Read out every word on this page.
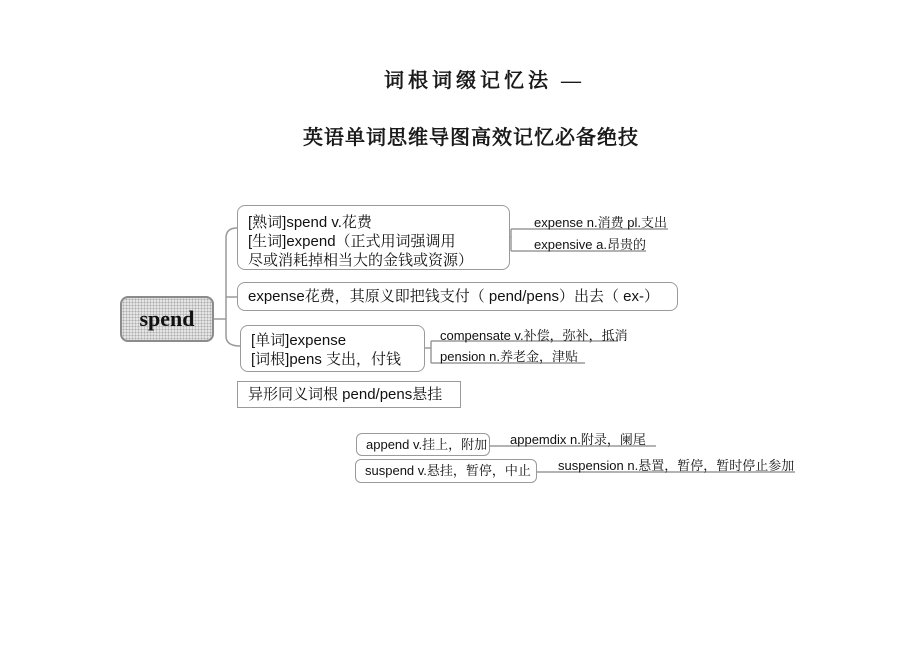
词根词缀记忆法 —
英语单词思维导图高效记忆必备绝技
spend
[熟词]spend v.花费
[生词]expend（正式用词强调用
尽或消耗掉相当大的金钱或资源）
expense n.消费 pl.支出
expensive a.昂贵的
expense花费，其原义即把钱支付（ pend/pens）出去（ ex-）
[单词]expense
[词根]pens 支出，付钱
compensate v.补偿，弥补，抵消
pension n.养老金，津贴
异形同义词根 pend/pens悬挂
append v.挂上，附加 appemdix n.附录，阑尾
suspend v.悬挂，暂停，中止	suspension n.悬置，暂停，暂时停止参加
